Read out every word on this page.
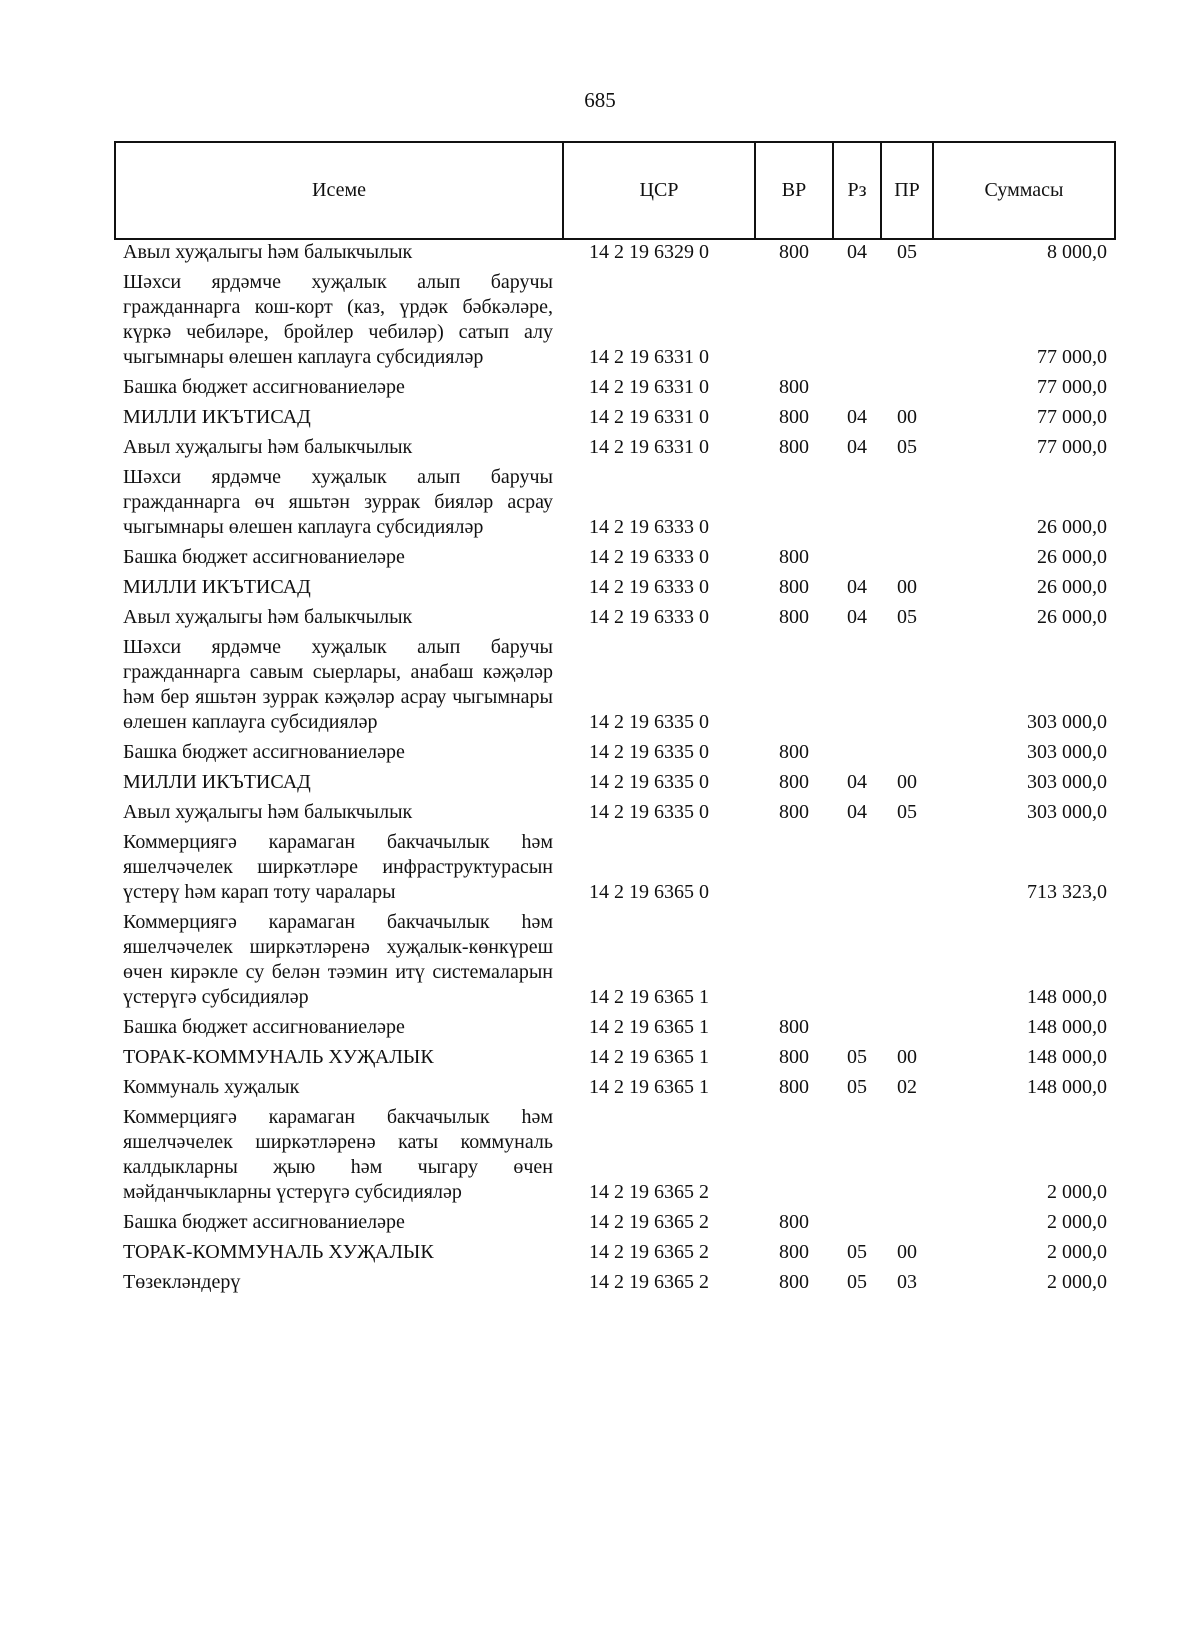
685
Исеме	ЦСР	ВР	Рз	ПР	Суммасы

Авыл хуҗалыгы һәм балыкчылык	14 2 19 6329 0	800	04	05	8 000,0

Шәхси ярдәмче хуҗалык алып баручы гражданнарга кош-корт (каз, үрдәк бәбкәләре, күркә чебиләре, бройлер чебиләр) сатып алу чыгымнары өлешен каплауга субсидияләр	14 2 19 6331 0				77 000,0

Башка бюджет ассигнованиеләре	14 2 19 6331 0	800			77 000,0

МИЛЛИ ИКЪТИСАД	14 2 19 6331 0	800	04	00	77 000,0

Авыл хуҗалыгы һәм балыкчылык	14 2 19 6331 0	800	04	05	77 000,0

Шәхси ярдәмче хуҗалык алып баручы гражданнарга өч яшьтән зуррак бияләр асрау чыгымнары өлешен каплауга субсидияләр	14 2 19 6333 0				26 000,0

Башка бюджет ассигнованиеләре	14 2 19 6333 0	800			26 000,0

МИЛЛИ ИКЪТИСАД	14 2 19 6333 0	800	04	00	26 000,0

Авыл хуҗалыгы һәм балыкчылык	14 2 19 6333 0	800	04	05	26 000,0

Шәхси ярдәмче хуҗалык алып баручы гражданнарга савым сыерлары, анабаш кәҗәләр һәм бер яшьтән зуррак кәҗәләр асрау чыгымнары өлешен каплауга субсидияләр	14 2 19 6335 0				303 000,0

Башка бюджет ассигнованиеләре	14 2 19 6335 0	800			303 000,0

МИЛЛИ ИКЪТИСАД	14 2 19 6335 0	800	04	00	303 000,0

Авыл хуҗалыгы һәм балыкчылык	14 2 19 6335 0	800	04	05	303 000,0

Коммерциягә карамаган бакчачылык һәм яшелчәчелек ширкәтләре инфраструктурасын үстерү һәм карап тоту чаралары	14 2 19 6365 0				713 323,0

Коммерциягә карамаган бакчачылык һәм яшелчәчелек ширкәтләренә хуҗалык-көнкүреш өчен кирәкле су белән тәэмин итү системаларын үстерүгә субсидияләр	14 2 19 6365 1				148 000,0

Башка бюджет ассигнованиеләре	14 2 19 6365 1	800			148 000,0

ТОРАК-КОММУНАЛЬ ХУҖАЛЫК	14 2 19 6365 1	800	05	00	148 000,0

Коммуналь хуҗалык	14 2 19 6365 1	800	05	02	148 000,0

Коммерциягә карамаган бакчачылык һәм яшелчәчелек ширкәтләренә каты коммуналь калдыкларны җыю һәм чыгару өчен мәйданчыкларны үстерүгә субсидияләр	14 2 19 6365 2				2 000,0

Башка бюджет ассигнованиеләре	14 2 19 6365 2	800			2 000,0

ТОРАК-КОММУНАЛЬ ХУҖАЛЫК	14 2 19 6365 2	800	05	00	2 000,0

Төзекләндерү	14 2 19 6365 2	800	05	03	2 000,0
